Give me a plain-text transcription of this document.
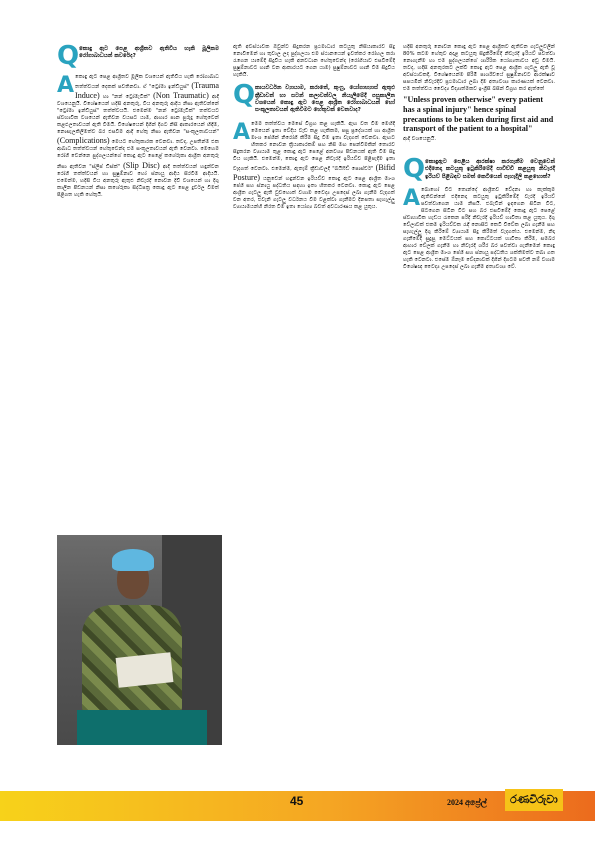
Q කොඳු ඇට පෙළ ආශ්‍රිතව ඇතිවිය හැකි මූලිකම රෝගාබාධයන් කවරේද?
A කොඳු ඇට පෙළ ආශ්‍රිතව මූලික වශයෙන් ඇතිවිය හැකි රෝගාබාධ තත්ත්වයන් දෙකක් පවතිනවා. ඒ "ට්‍රෝමා ඉන්ඩියුස්" (Trauma Induce) හා "නන් ට්‍රෝමැටික්" (Non Traumatic) ආදී වශයෙනුයි. විශේෂයෙන් හදිසි අනතුරු, විය අනතුරු ආදිය නිසා ඇතිවන්නේ "ට්‍රෝමා ඉන්ඩියුස්" තත්ත්වයයි. එමෙන්ම "නන් ට්‍රෝමැටික්" තත්වයට ස්වභාවික වශයෙන් ඇතිවන වයසට යාම, ආහාර පාන පුරුදු හේතුවෙන් කළඵලතාවයන් ඇති වීමයි. විශේෂයෙන් දිගින් දිගට නිසි ආකාරයෙන් හිඳීම, නොසැලකිලිමත්ව බර එසවීම ආදී හේතු නිසා ඇතිවන "සංකූලතාවයන්" (Complications) මෙයට හේතුකාරක වෙනවා. තවද, උපතින්ම එක ආබාධ තත්ත්වයන් හේතුවෙන්ද එම සංකූලතාවයන් ඇති වෙනවා. මෙහෙම රෝගී වෙන්නෙ පුද්ගලයන්ගේ කොඳු ඇට පෙළේ කශේරුකා ආශ්‍රිත අනතුරු නිසා ඇතිවන "ස්ලිප් ඩිස්ක්" (Slip Disc) ආදී තත්ත්වයන් හඳුන්වන රෝගී තත්ත්වයන් හා සුෂුම්නාව හෝ ස්නායු ආදිය සිරවීම ආදියයි. එමෙන්ම, හදිසි විය අනතුරු ඇතුළු නිවැරදි නොවන දිවි වශයෙන් හා දිගු කාලීන පීඩනයන් නිසා කශේරුකා සිද්ධිපත්‍ර කොඳු ඇට පෙළ දුර්වල වීමත් පිළිගත හැකි හේතුයි.

ඇති අවස්ථාවක ඔවුන්ට සිදුකරන ප්‍රථමාධාර කටයුතු නිසියාකාරව සිදු නොවීමෙන් හා තුවාල ලද පුද්ගලයා එම ස්ථානයෙන් ඉවත්කර රෝහල කරා රැගෙන යාමේදී සිදුවිය හැකි අනවධාන හේතුවෙන්ද (රෝගියාව එසවීමේදී සුෂුම්නාවට හානි වන ආකාරයට ගෙන යාම) සුෂුම්නාවට හානි වීම සිදුවිය හැකියි.

Q කායවර්ධන ව්‍යායාම, කරාතේ, කුංෆු, යෝගාභ්‍යාස් ඇතුළු ක්‍රීඩාවන් හා සටන් කලාවන්වල නියැලීමේදී පසුකාලීන වශයෙන් කොඳු ඇට පෙළ ආශ්‍රිත රෝගාබාධයන් හෝ සංකූලතාවයන් ඇතිවීමට හේතුවක් වෙනවාද?
A මෙම තත්ත්වය මෙසේ විග්‍රහ කළ හැකියි. ඇඟ වත වීම මෙහිදී මෙයෙන් ඉතා වේදිය වැඩ කළ හැකිකම, පසු ප්‍රදේශයක් හා ආශ්‍රිත මාංශ පේශීන් නිරෝගී කිරීම සිදු වීම ඉතා වැදගත් වෙනවා. ඇඟට හිතකර නොවන ක්‍රියාකාරකම් සහ නිසි මඟ පෙන්වීමකින් තොරව සිදුකරන ව්‍යායාම තුළ කොඳු ඇට පෙළේ අනවශ්‍ය පීඩනයක් ඇති වීම සිදු විය හැකියි. එමෙන්ම, කොඳු ඇට පෙළ නිවැරදි ඉරියව්ව පිළිපැදීම ඉතා වැදගත් වෙනවා. එමෙන්ම, ඇතැම් ක්‍රීඩාවලදී "බයිෆිඩ් පොස්චර්" (Bifid Posture) යනුවෙන් හඳුන්වන ඉරියව්ව කොඳු ඇට පෙළ ආශ්‍රිත මාංශ පේශී සහ ස්නායු පද්ධතිය සඳහා ඉතා හිතකර වෙනවා. කොඳු ඇට පෙළ ආශ්‍රිත ගැටලු ඇති වුවහොත් වහාම වෛද්‍ය උපදෙස් ලබා ගැනීම වැදගත් වන අතර, එවැනි ගැටලු වර්ධනය වීම වළක්වා ගැනීමට දිනපතා සැහැල්ලු ව්‍යායාමයන්හි නිරත වීම ඉතා යෝග්‍ය බවත් අවධාරණය කළ යුතුය.

හදිසි අනතුරු නොවන කොඳු ඇට පෙළ ආශ්‍රිතව ඇතිවන ගැටලුවලින් 80% කටම හේතුව අදාළ කටයුතු සිදුකිරීමේදී නිවැරදි ඉරියව් පවත්වා නොගැනීම හා එම පුද්ගලයන්ගේ ශාරීරික යෝග්‍යතාවය අඩු වීමයි. තවද, හදිසි අනතුරකට ලක්වී කොඳු ඇට පෙළ ආශ්‍රිත ගැටලු ඇති වූ අවස්ථාවකදී, විශේෂයෙන්ම පිරිමි පාර්ශ්වයේ සුෂුම්නාවට ආරක්ෂාව සපයමින් නිවැරදිව ප්‍රථමාධාර ලබා දීම අත්‍යවශ්‍ය කාරණයක් වෙනවා. එම තත්ත්වය වෛද්‍ය විද්‍යාත්මකව ඉංග්‍රීසි බසින් විග්‍රහ කර ඇත්තේ

"Unless proven otherwise" every patient has a spinal injury" hence spinal precautions to be taken during first aid and transport of the patient to a hospital"

ආදී වශයෙනුයි.

Q කොඳුඇට පෙළීය ආරක්ෂා කරගැනීම වෙනුවෙන් එදිනෙදා කටයුතු ඉටුකිරීමේදී පාවිච්චි කළයුතු නිවැරදි ඉරියව් පිළිබඳව සමත් කෙටියෙන් පැහැදිලි කළහොත්?
A බොහෝ විට තොන්දේ ආශ්‍රිතව වේදනා හා කැක්කුම ඇතිවන්නේ එදිනෙදා කටයුතු ඉටුකිරීමේදී වැරදි ඉරියව් පවත්වාගෙන යාම නිසයි. එබැවින් ඉඳගෙන සිටින විට, සිටගෙන සිටින විට සහ බර එසවීමේදී කොඳු ඇට පෙළේ ස්වාභාවික හැඩය රැකෙන පරිදි නිවැරදි ඉරියව් භාවිතා කළ යුතුය. දිගු වේලාවක් එකම ඉරියව්වක රැඳී නොසිට කෙටි විවේක ලබා ගැනීම සහ සැහැල්ලු දිගු කිරීමේ ව්‍යායාම සිදු කිරීමත් වැදගත්ය. එමෙන්ම, නිදා ගැනීමේදී සුදුසු මෙට්ටයක් සහ කොට්ටයක් භාවිතා කිරීම, සමබර ආහාර වේලක් ගැනීම හා නිවැරදි ශරීර බර පවත්වා ගැනීමෙන් කොඳු ඇට පෙළ ආශ්‍රිත මාංශ පේශී සහ ස්නායු පද්ධතිය ශක්තිමත්ව තබා ගත හැකි වෙනවා. එසේම ඕනෑම වේදනාවක් දිගින් දිගටම පවතී නම් වහාම විශේෂඥ වෛද්‍ය උපදෙස් ලබා ගැනීම අත්‍යවශ්‍ය වේ.

45	2024 අප්‍රේල්	රණවිරුවා
